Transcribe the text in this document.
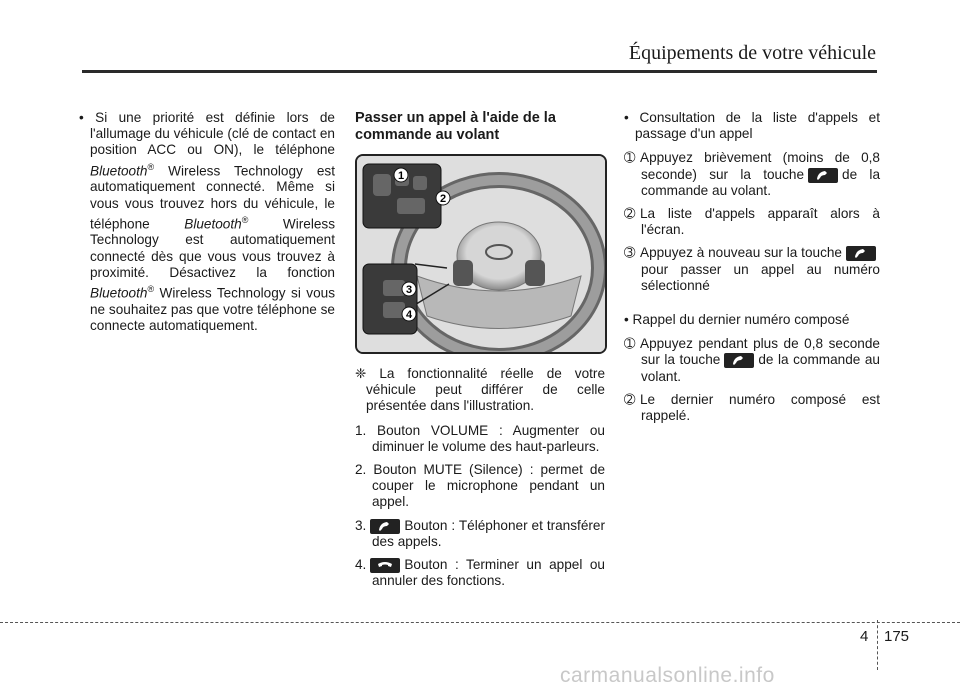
Équipements de votre véhicule

• Si une priorité est définie lors de l'allumage du véhicule (clé de contact en position ACC ou ON), le téléphone Bluetooth® Wireless Technology est automatiquement connecté. Même si vous vous trouvez hors du véhicule, le téléphone Bluetooth® Wireless Technology est automatiquement connecté dès que vous vous trouvez à proximité. Désactivez la fonction Bluetooth® Wireless Technology si vous ne souhaitez pas que votre téléphone se connecte automatiquement.

Passer un appel à l'aide de la commande au volant
1
2
3
4

❈ La fonctionnalité réelle de votre véhicule peut différer de celle présentée dans l'illustration.

1. Bouton VOLUME : Augmenter ou diminuer le volume des haut-parleurs.

2. Bouton MUTE (Silence) : permet de couper le microphone pendant un appel.

3.	Bouton : Téléphoner et transférer des appels.

4.	Bouton : Terminer un appel ou annuler des fonctions.

• Consultation de la liste d'appels et passage d'un appel

➀ Appuyez brièvement (moins de 0,8 seconde) sur la touche	de la commande au volant.

➁ La liste d'appels apparaît alors à l'écran.

➂ Appuyez à nouveau sur la touche
pour passer un appel au numéro sélectionné

• Rappel du dernier numéro composé

➀ Appuyez pendant plus de 0,8 seconde sur la touche	de la commande au volant.

➁ Le dernier numéro composé est rappelé.

4 175
carmanualsonline.info
